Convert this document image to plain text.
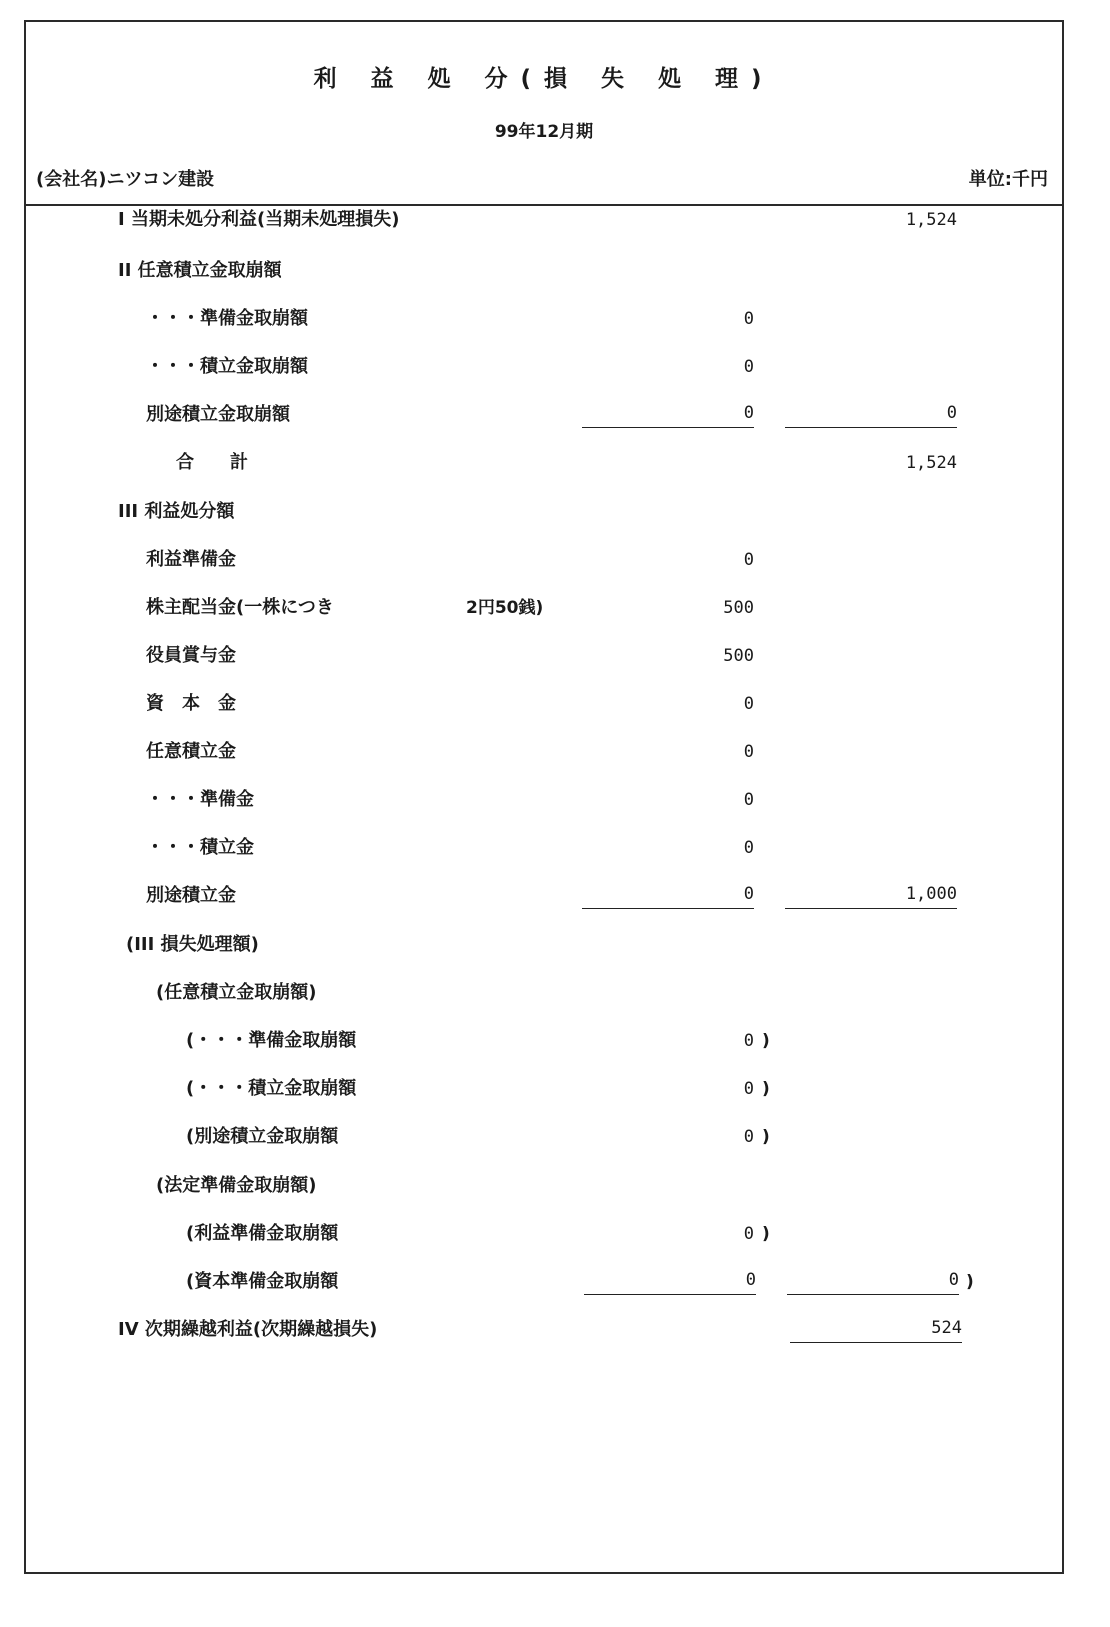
利 益 処 分(損 失 処 理)
99年12月期
(会社名)ニツコン建設	単位:千円
I 当期未処分利益(当期未処理損失)	1,524
II 任意積立金取崩額
・・・準備金取崩額	0
・・・積立金取崩額	0
別途積立金取崩額	0	0
合　　計	1,524
III 利益処分額
利益準備金	0
株主配当金(一株につき	2円50銭)	500
役員賞与金	500
資　本　金	0
任意積立金	0
・・・準備金	0
・・・積立金	0
別途積立金	0	1,000
(III 損失処理額)
(任意積立金取崩額)
(・・・準備金取崩額	0 )
(・・・積立金取崩額	0 )
(別途積立金取崩額	0 )
(法定準備金取崩額)
(利益準備金取崩額	0 )
(資本準備金取崩額	0	0 )
IV 次期繰越利益(次期繰越損失)	524
